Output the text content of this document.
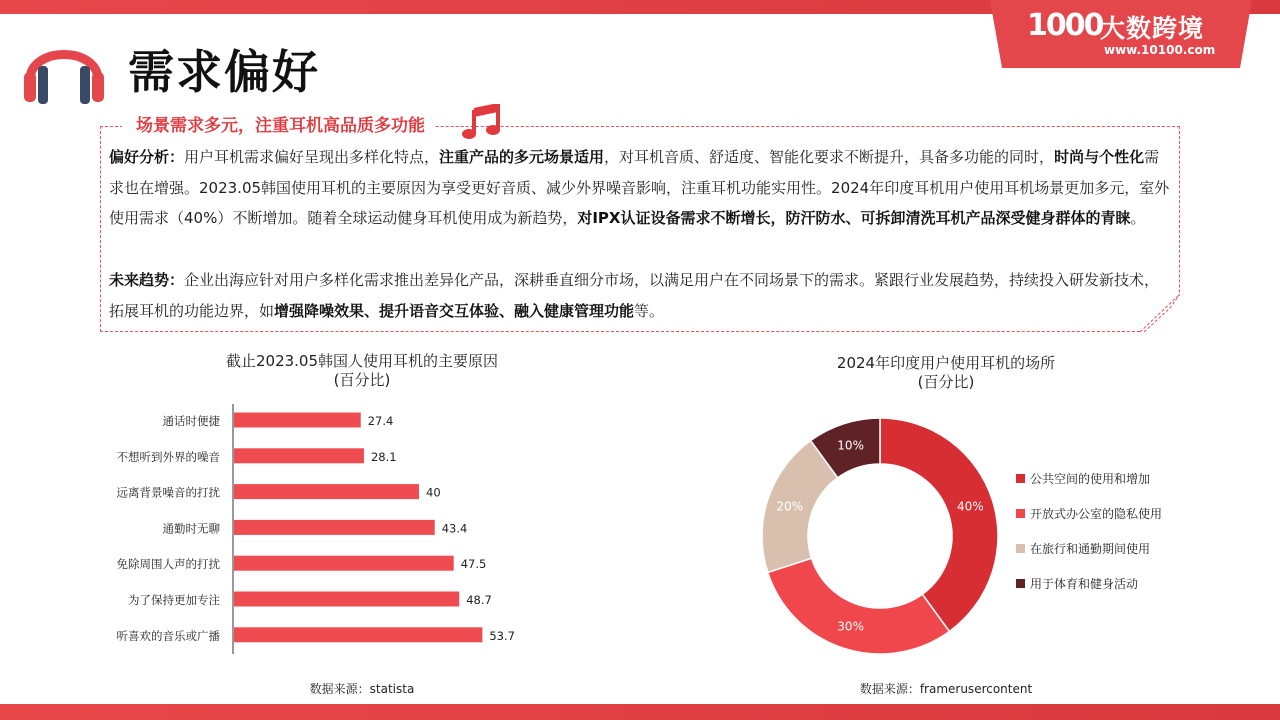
1000
大数跨境
www.10100.com
需求偏好
场景需求多元，注重耳机高品质多功能
偏好分析：用户耳机需求偏好呈现出多样化特点，注重产品的多元场景适用，对耳机音质、舒适度、智能化要求不断提升，具备多功能的同时，时尚与个性化需求也在增强。2023.05韩国使用耳机的主要原因为享受更好音质、减少外界噪音影响，注重耳机功能实用性。2024年印度耳机用户使用耳机场景更加多元，室外使用需求（40%）不断增加。随着全球运动健身耳机使用成为新趋势，对IPX认证设备需求不断增长，防汗防水、可拆卸清洗耳机产品深受健身群体的青睐。
未来趋势：企业出海应针对用户多样化需求推出差异化产品，深耕垂直细分市场，以满足用户在不同场景下的需求。紧跟行业发展趋势，持续投入研发新技术，拓展耳机的功能边界，如增强降噪效果、提升语音交互体验、融入健康管理功能等。
截止2023.05韩国人使用耳机的主要原因
(百分比)
通话时便捷	27.4
不想听到外界的噪音	28.1
远离背景噪音的打扰	40
通勤时无聊	43.4
免除周围人声的打扰	47.5
为了保持更加专注	48.7
听喜欢的音乐或广播	53.7
数据来源：statista
2024年印度用户使用耳机的场所
(百分比)
40%
30%
20%
10%
公共空间的使用和增加
开放式办公室的隐私使用
在旅行和通勤期间使用
用于体育和健身活动
数据来源：framerusercontent
